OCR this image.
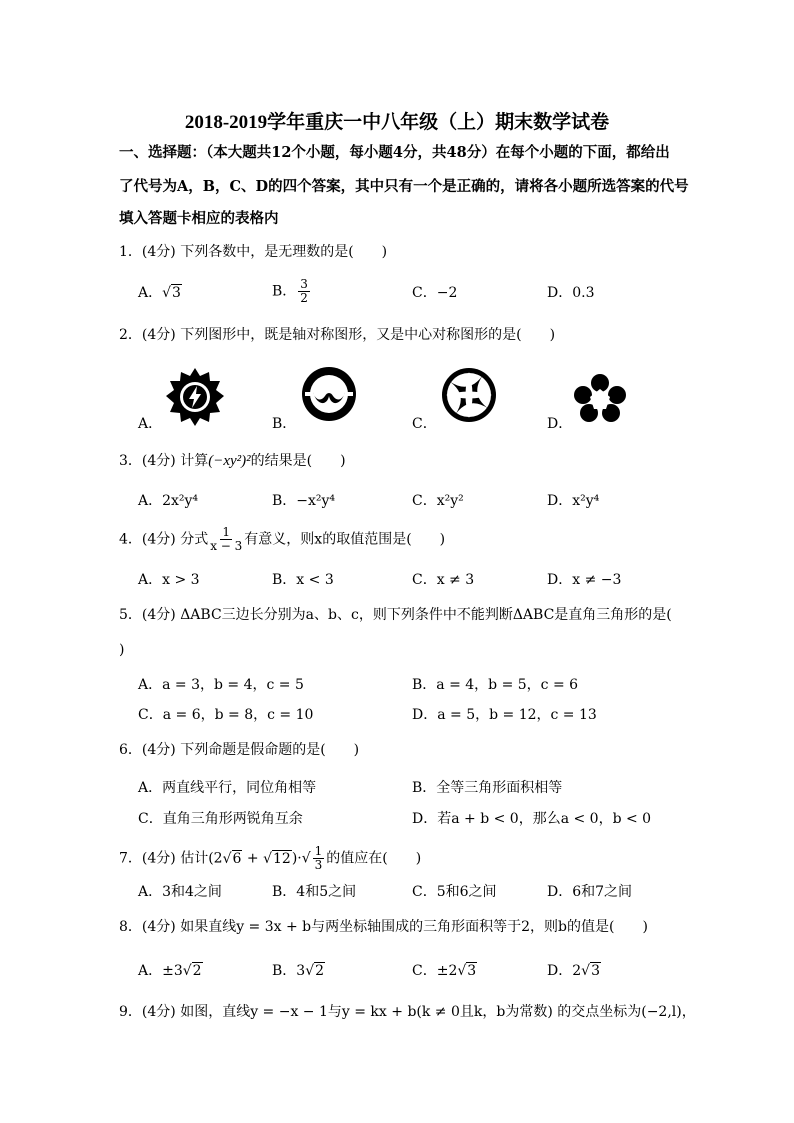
2018-2019学年重庆一中八年级（上）期末数学试卷
一、选择题：（本大题共12个小题，每小题4分，共48分）在每个小题的下面，都给出
了代号为A，B，C、D的四个答案，其中只有一个是正确的，请将各小题所选答案的代号
填入答题卡相应的表格内
1．(4分) 下列各数中，是无理数的是(　　)
A．√3	B． $\frac{3}{2}$	C．−2	D．0.3
2．(4分) 下列图形中，既是轴对称图形，又是中心对称图形的是(　　)
A．	B．	C．	D．
3．(4分) 计算(−xy²)²的结果是(　　)
A．2x²y⁴	B．−x²y⁴	C．x²y²	D．x²y⁴
4．(4分) 分式 $\frac{1}{x - 3}$ 有意义，则x的取值范围是(　　)
A．x > 3	B．x < 3	C．x ≠ 3	D．x ≠ −3
5．(4分) ΔABC三边长分别为a、b、c，则下列条件中不能判断ΔABC是直角三角形的是(
)
A．a = 3，b = 4，c = 5	B．a = 4，b = 5，c = 6
C．a = 6，b = 8，c = 10	D．a = 5，b = 12，c = 13
6．(4分) 下列命题是假命题的是(　　)
A．两直线平行，同位角相等	B．全等三角形面积相等
C．直角三角形两锐角互余	D．若a + b < 0，那么a < 0，b < 0
7．(4分) 估计$(2√6 + √12)\cdot√ \frac{1}{3}$ 的值应在(　　)
A．3和4之间	B．4和5之间	C．5和6之间	D．6和7之间
8．(4分) 如果直线y = 3x + b与两坐标轴围成的三角形面积等于2，则b的值是(　　)
A．±3√2	B．3√2	C．±2√3	D．2√3
9．(4分) 如图，直线y = −x − 1与y = kx + b(k ≠ 0且k，b为常数) 的交点坐标为(−2,l)，
